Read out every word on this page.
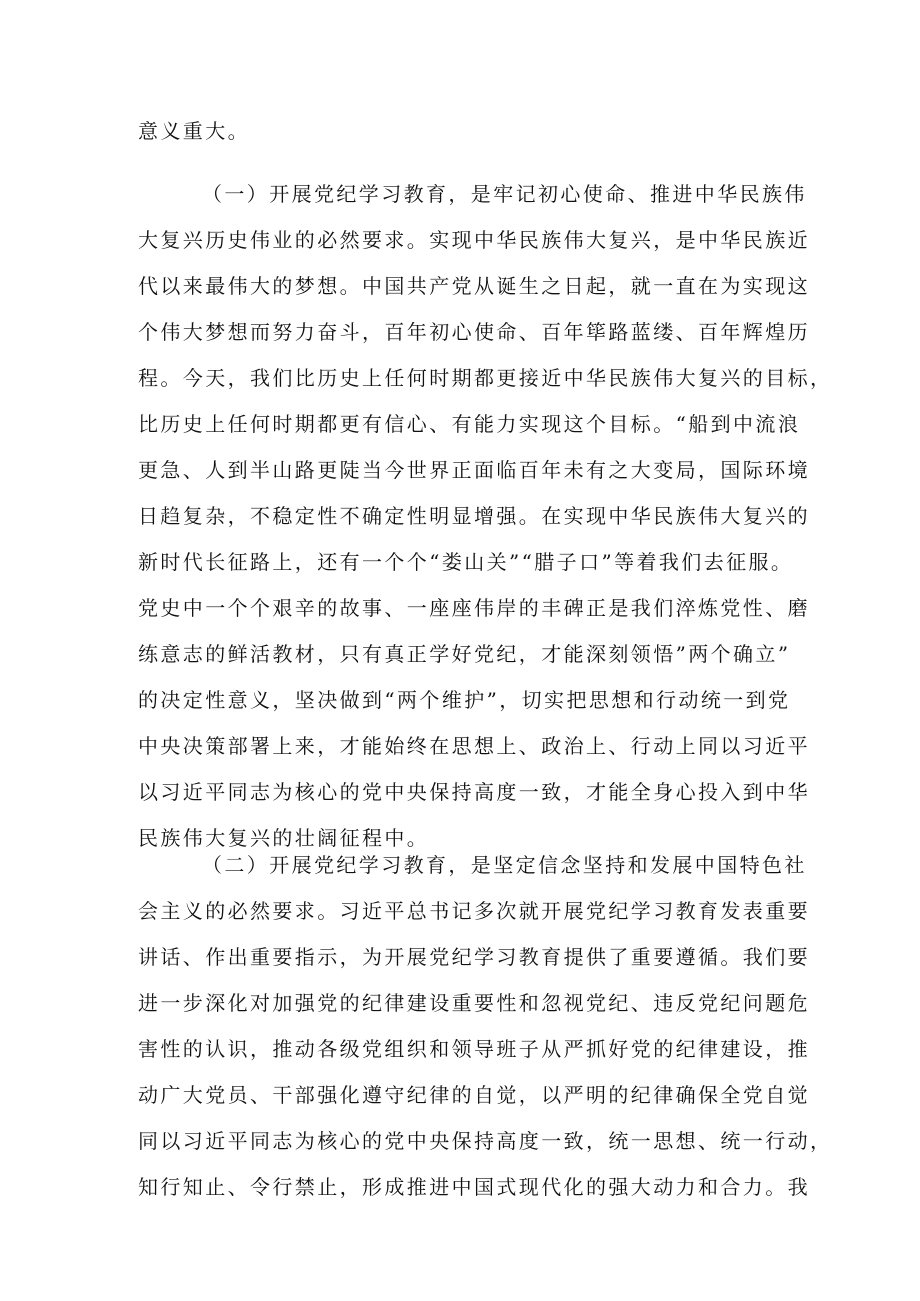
意义重大。
（一）开展党纪学习教育，是牢记初心使命、推进中华民族伟
大复兴历史伟业的必然要求。实现中华民族伟大复兴，是中华民族近
代以来最伟大的梦想。中国共产党从诞生之日起，就一直在为实现这
个伟大梦想而努力奋斗，百年初心使命、百年筚路蓝缕、百年辉煌历
程。今天，我们比历史上任何时期都更接近中华民族伟大复兴的目标，
比历史上任何时期都更有信心、有能力实现这个目标。“船到中流浪
更急、人到半山路更陡当今世界正面临百年未有之大变局，国际环境
日趋复杂，不稳定性不确定性明显增强。在实现中华民族伟大复兴的
新时代长征路上，还有一个个“娄山关”“腊子口”等着我们去征服。
党史中一个个艰辛的故事、一座座伟岸的丰碑正是我们淬炼党性、磨
练意志的鲜活教材，只有真正学好党纪，才能深刻领悟”两个确立”
的决定性意义，坚决做到“两个维护”，切实把思想和行动统一到党
中央决策部署上来，才能始终在思想上、政治上、行动上同以习近平
以习近平同志为核心的党中央保持高度一致，才能全身心投入到中华
民族伟大复兴的壮阔征程中。
（二）开展党纪学习教育，是坚定信念坚持和发展中国特色社
会主义的必然要求。习近平总书记多次就开展党纪学习教育发表重要
讲话、作出重要指示，为开展党纪学习教育提供了重要遵循。我们要
进一步深化对加强党的纪律建设重要性和忽视党纪、违反党纪问题危
害性的认识，推动各级党组织和领导班子从严抓好党的纪律建设，推
动广大党员、干部强化遵守纪律的自觉，以严明的纪律确保全党自觉
同以习近平同志为核心的党中央保持高度一致，统一思想、统一行动，
知行知止、令行禁止，形成推进中国式现代化的强大动力和合力。我
